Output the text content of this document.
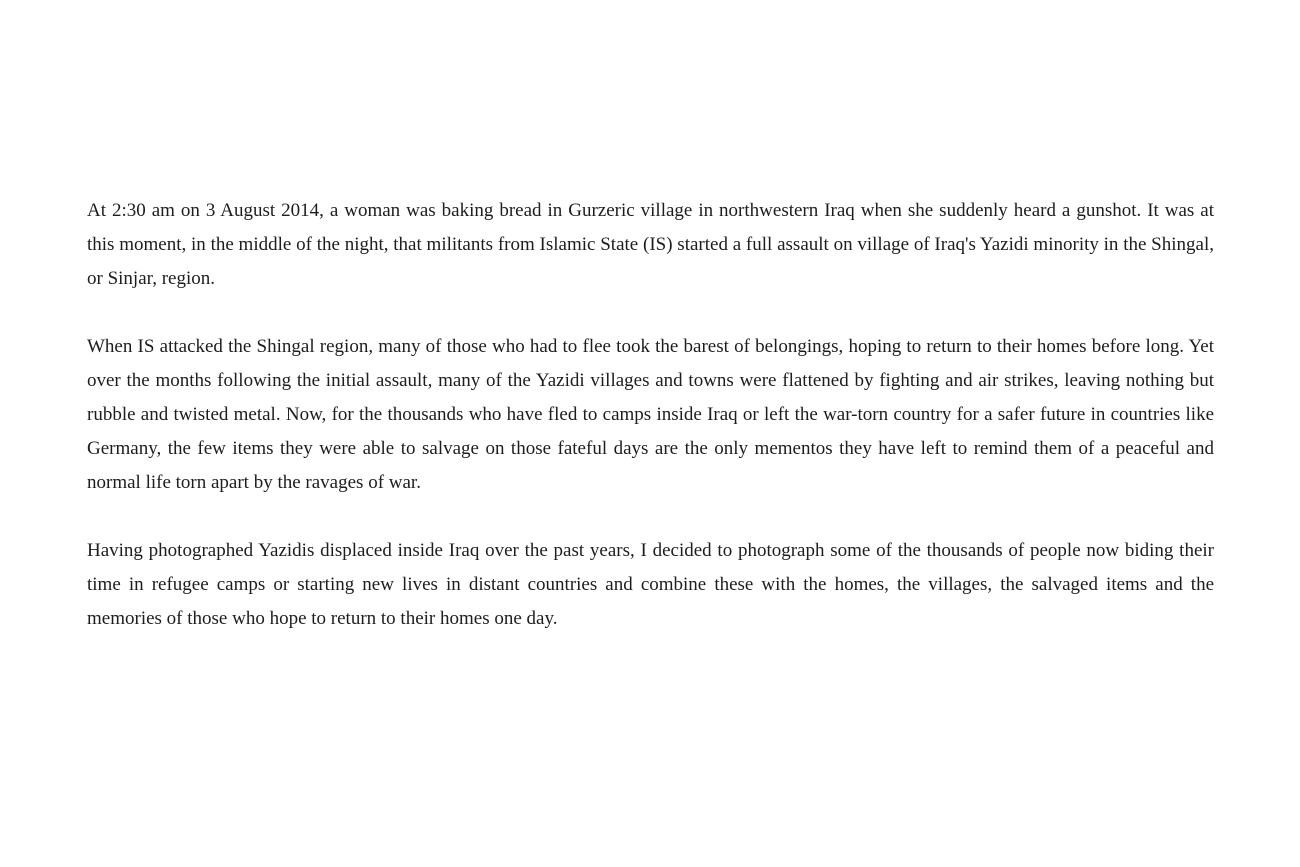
At 2:30 am on 3 August 2014, a woman was baking bread in Gurzeric village in northwestern Iraq when she suddenly heard a gunshot. It was at this moment, in the middle of the night, that militants from Islamic State (IS) started a full assault on village of Iraq's Yazidi minority in the Shingal, or Sinjar, region.

When IS attacked the Shingal region, many of those who had to flee took the barest of belongings, hoping to return to their homes before long. Yet over the months following the initial assault, many of the Yazidi villages and towns were flattened by fighting and air strikes, leaving nothing but rubble and twisted metal. Now, for the thousands who have fled to camps inside Iraq or left the war-torn country for a safer future in countries like Germany, the few items they were able to salvage on those fateful days are the only mementos they have left to remind them of a peaceful and normal life torn apart by the ravages of war.

Having photographed Yazidis displaced inside Iraq over the past years, I decided to photograph some of the thousands of people now biding their time in refugee camps or starting new lives in distant countries and combine these with the homes, the villages, the salvaged items and the memories of those who hope to return to their homes one day.
